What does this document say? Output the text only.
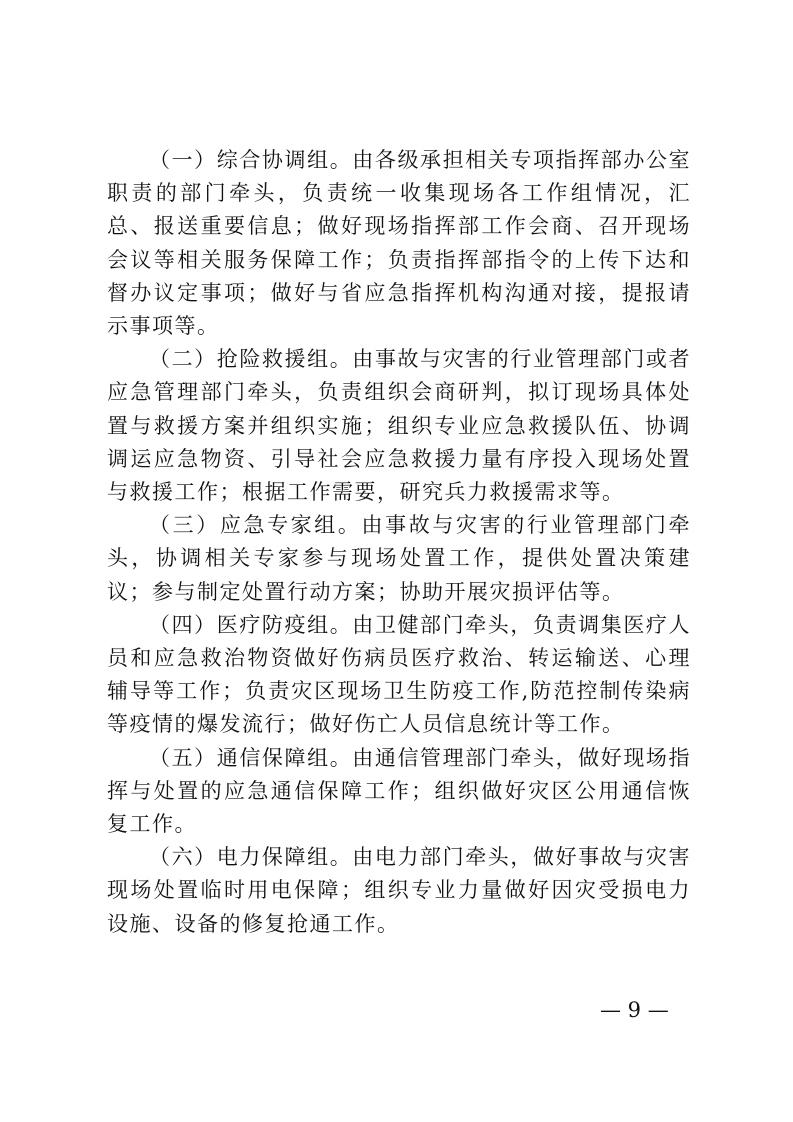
（一）综合协调组。由各级承担相关专项指挥部办公室职责的部门牵头，负责统一收集现场各工作组情况，汇总、报送重要信息；做好现场指挥部工作会商、召开现场会议等相关服务保障工作；负责指挥部指令的上传下达和督办议定事项；做好与省应急指挥机构沟通对接，提报请示事项等。

（二）抢险救援组。由事故与灾害的行业管理部门或者应急管理部门牵头，负责组织会商研判，拟订现场具体处置与救援方案并组织实施；组织专业应急救援队伍、协调调运应急物资、引导社会应急救援力量有序投入现场处置与救援工作；根据工作需要，研究兵力救援需求等。

（三）应急专家组。由事故与灾害的行业管理部门牵头，协调相关专家参与现场处置工作，提供处置决策建议；参与制定处置行动方案；协助开展灾损评估等。

（四）医疗防疫组。由卫健部门牵头，负责调集医疗人员和应急救治物资做好伤病员医疗救治、转运输送、心理辅导等工作；负责灾区现场卫生防疫工作,防范控制传染病等疫情的爆发流行；做好伤亡人员信息统计等工作。

（五）通信保障组。由通信管理部门牵头，做好现场指挥与处置的应急通信保障工作；组织做好灾区公用通信恢复工作。

（六）电力保障组。由电力部门牵头，做好事故与灾害现场处置临时用电保障；组织专业力量做好因灾受损电力设施、设备的修复抢通工作。

— 9 —
